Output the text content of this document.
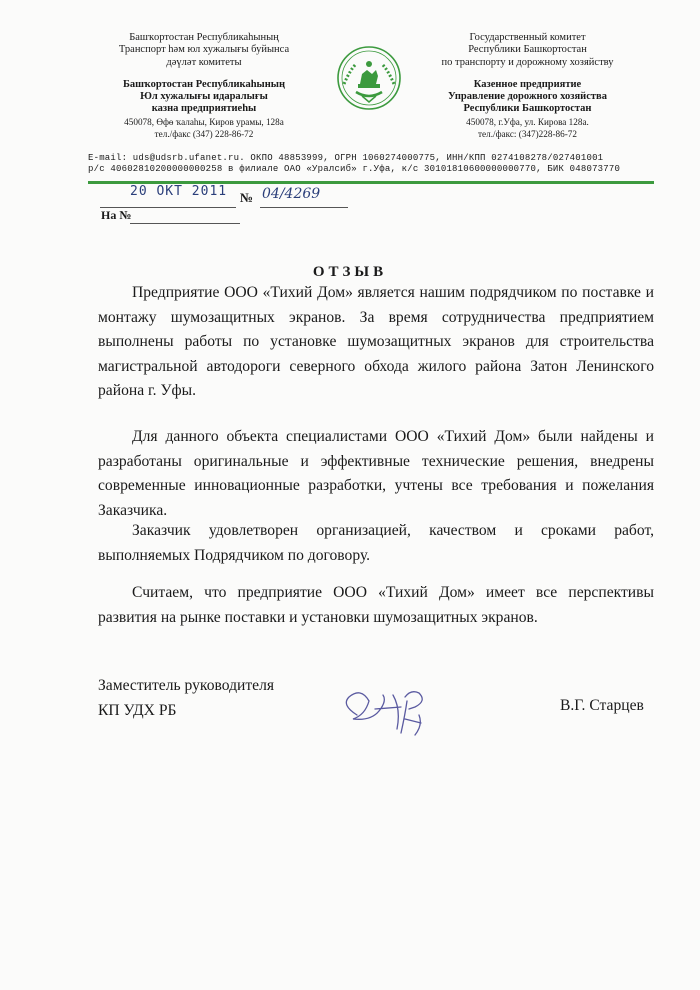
Башҡортостан Республикаһының
Транспорт һәм юл хужалығы буйынса
дәүләт комитеты
Башҡортостан Республикаһының
Юл хужалығы идаралығы
казна предприятиеһы
450078, Өфө ҡалаһы, Киров урамы, 128а
тел./факс (347) 228-86-72
Государственный комитет
Республики Башкортостан
по транспорту и дорожному хозяйству
Казенное предприятие
Управление дорожного хозяйства
Республики Башкортостан
450078, г.Уфа, ул. Кирова 128а.
тел./факс: (347)228-86-72
E-mail: uds@udsrb.ufanet.ru. ОКПО 48853999, ОГРН 1060274000775, ИНН/КПП 0274108278/027401001
р/с 40602810200000000258 в филиале ОАО «Уралсиб» г.Уфа, к/с 30101810600000000770, БИК 048073770
20 ОКТ 2011 № 04/4269
На №
ОТЗЫВ

Предприятие ООО «Тихий Дом» является нашим подрядчиком по поставке и монтажу шумозащитных экранов. За время сотрудничества предприятием выполнены работы по установке шумозащитных экранов для строительства магистральной автодороги северного обхода жилого района Затон Ленинского района г. Уфы.

Для данного объекта специалистами ООО «Тихий Дом» были найдены и разработаны оригинальные и эффективные технические решения, внедрены современные инновационные разработки, учтены все требования и пожелания Заказчика.

Заказчик удовлетворен организацией, качеством и сроками работ, выполняемых Подрядчиком по договору.

Считаем, что предприятие ООО «Тихий Дом» имеет все перспективы развития на рынке поставки и установки шумозащитных экранов.

Заместитель руководителя
КП УДХ РБ	В.Г. Старцев
